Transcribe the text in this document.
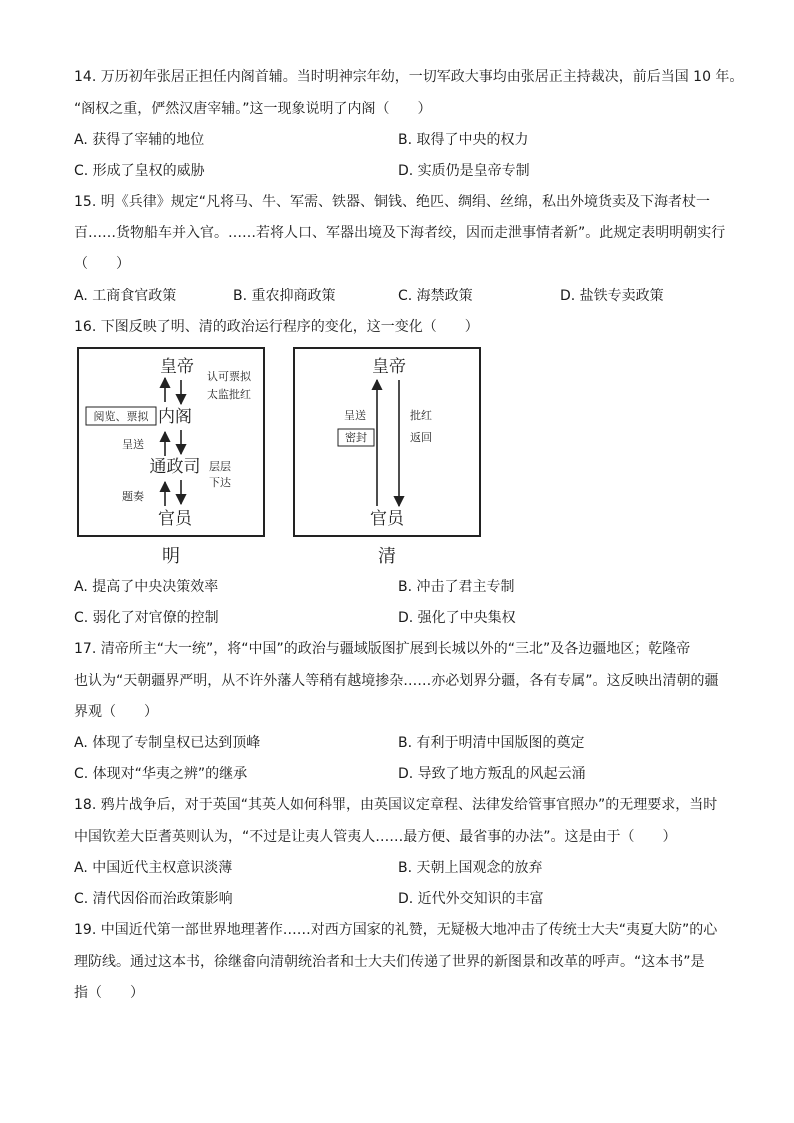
14. 万历初年张居正担任内阁首辅。当时明神宗年幼，一切军政大事均由张居正主持裁决，前后当国 10 年。
“阁权之重，俨然汉唐宰辅。”这一现象说明了内阁（　　）
A. 获得了宰辅的地位	B. 取得了中央的权力
C. 形成了皇权的威胁	D. 实质仍是皇帝专制
15. 明《兵律》规定“凡将马、牛、军需、铁器、铜钱、绝匹、绸绢、丝绵，私出外境货卖及下海者杖一
百……货物船车并入官。……若将人口、军器出境及下海者绞，因而走泄事情者新”。此规定表明明朝实行
（　　）
A. 工商食官政策	B. 重农抑商政策	C. 海禁政策	D. 盐铁专卖政策
16. 下图反映了明、清的政治运行程序的变化，这一变化（　　）
皇帝 认可票拟
太监批红
阅览、票拟 内阁
呈送
通政司 层层
下达
题奏
官员
明
皇帝
呈送
密封
批红
返回
官员
清
A. 提高了中央决策效率	B. 冲击了君主专制
C. 弱化了对官僚的控制	D. 强化了中央集权
17. 清帝所主“大一统”，将“中国”的政治与疆域版图扩展到长城以外的“三北”及各边疆地区；乾隆帝
也认为“天朝疆界严明，从不许外藩人等稍有越境掺杂……亦必划界分疆，各有专属”。这反映出清朝的疆
界观（　　）
A. 体现了专制皇权已达到顶峰	B. 有利于明清中国版图的奠定
C. 体现对“华夷之辨”的继承	D. 导致了地方叛乱的风起云涌
18. 鸦片战争后，对于英国“其英人如何科罪，由英国议定章程、法律发给管事官照办”的无理要求，当时
中国钦差大臣耆英则认为，“不过是让夷人管夷人……最方便、最省事的办法”。这是由于（　　）
A. 中国近代主权意识淡薄	B. 天朝上国观念的放弃
C. 清代因俗而治政策影响	D. 近代外交知识的丰富
19. 中国近代第一部世界地理著作……对西方国家的礼赞，无疑极大地冲击了传统士大夫“夷夏大防”的心
理防线。通过这本书，徐继畲向清朝统治者和士大夫们传递了世界的新图景和改革的呼声。“这本书”是
指（　　）
